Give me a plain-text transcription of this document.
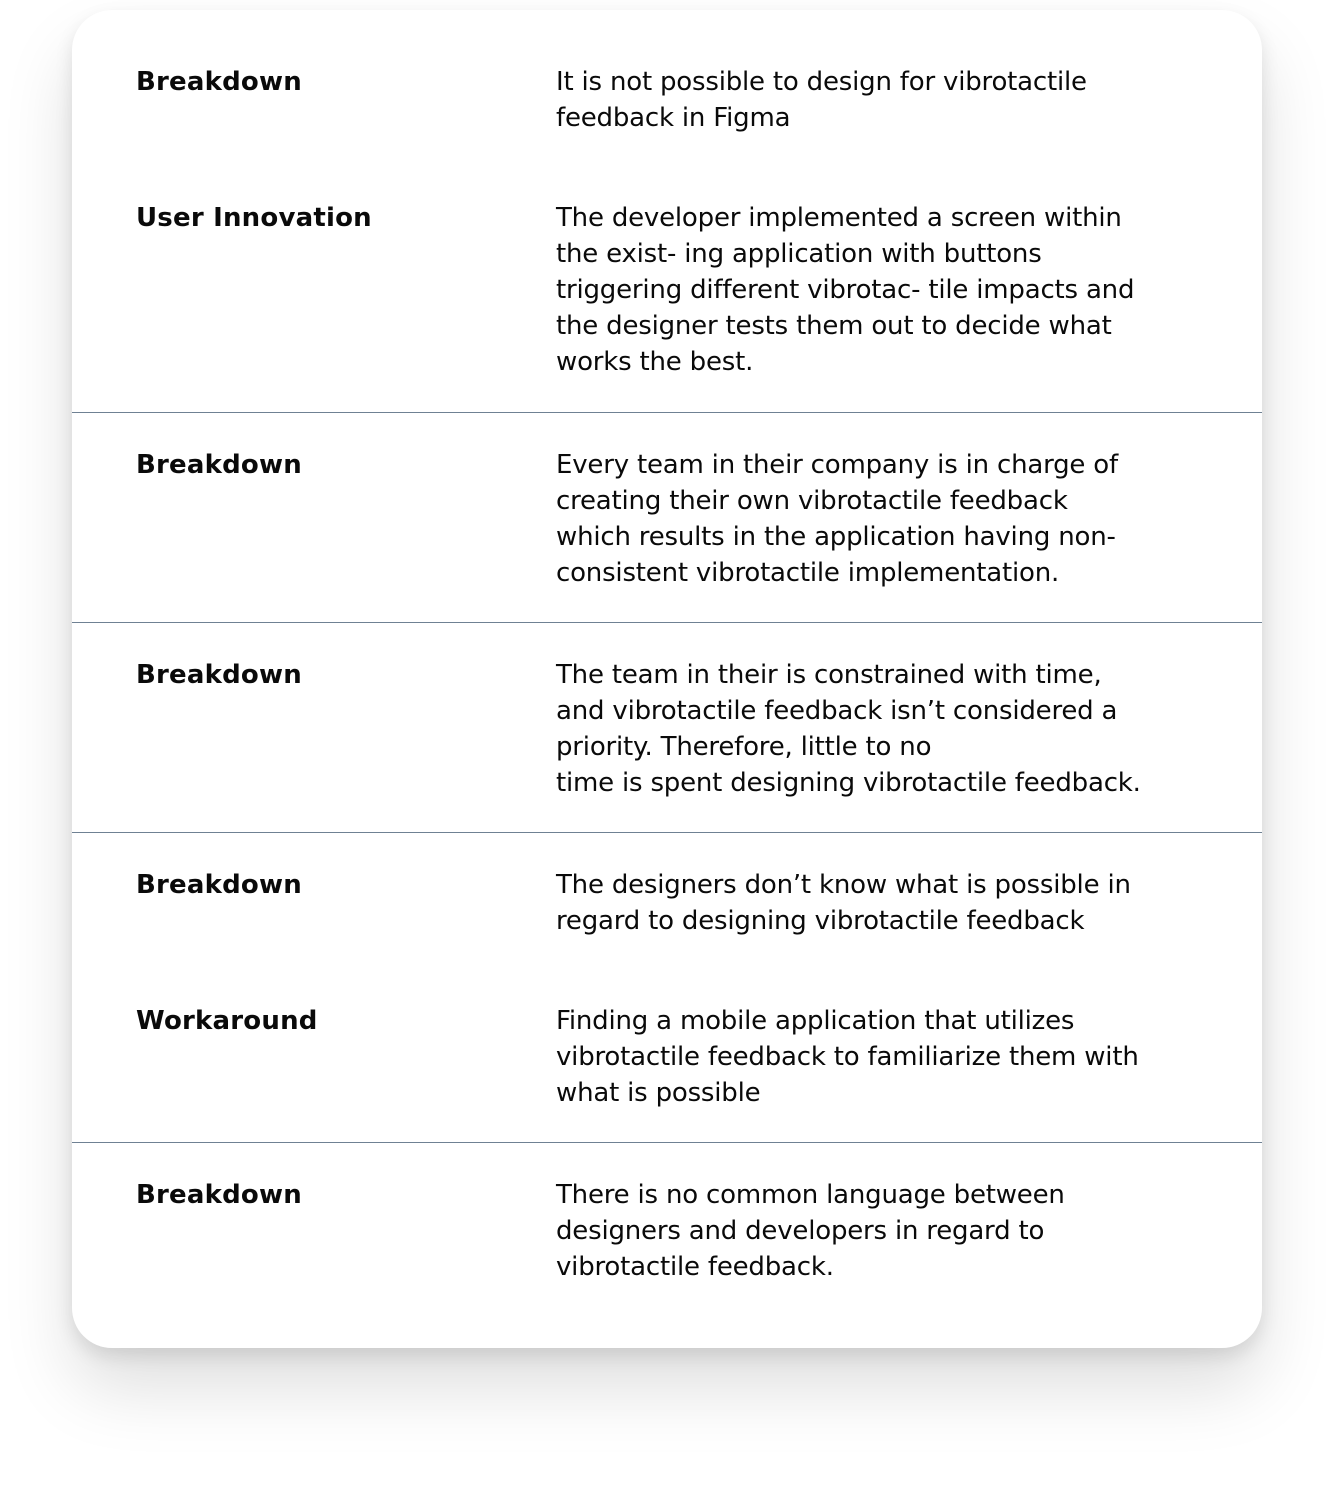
Breakdown	It is not possible to design for vibrotactile
feedback in Figma
User Innovation	The developer implemented a screen within
the exist- ing application with buttons
triggering different vibrotac- tile impacts and
the designer tests them out to decide what
works the best.
Breakdown	Every team in their company is in charge of
creating their own vibrotactile feedback
which results in the application having non-
consistent vibrotactile implementation.
Breakdown	The team in their is constrained with time,
and vibrotactile feedback isn’t considered a
priority. Therefore, little to no
time is spent designing vibrotactile feedback.
Breakdown	The designers don’t know what is possible in
regard to designing vibrotactile feedback
Workaround	Finding a mobile application that utilizes
vibrotactile feedback to familiarize them with
what is possible
Breakdown	There is no common language between
designers and developers in regard to
vibrotactile feedback.
